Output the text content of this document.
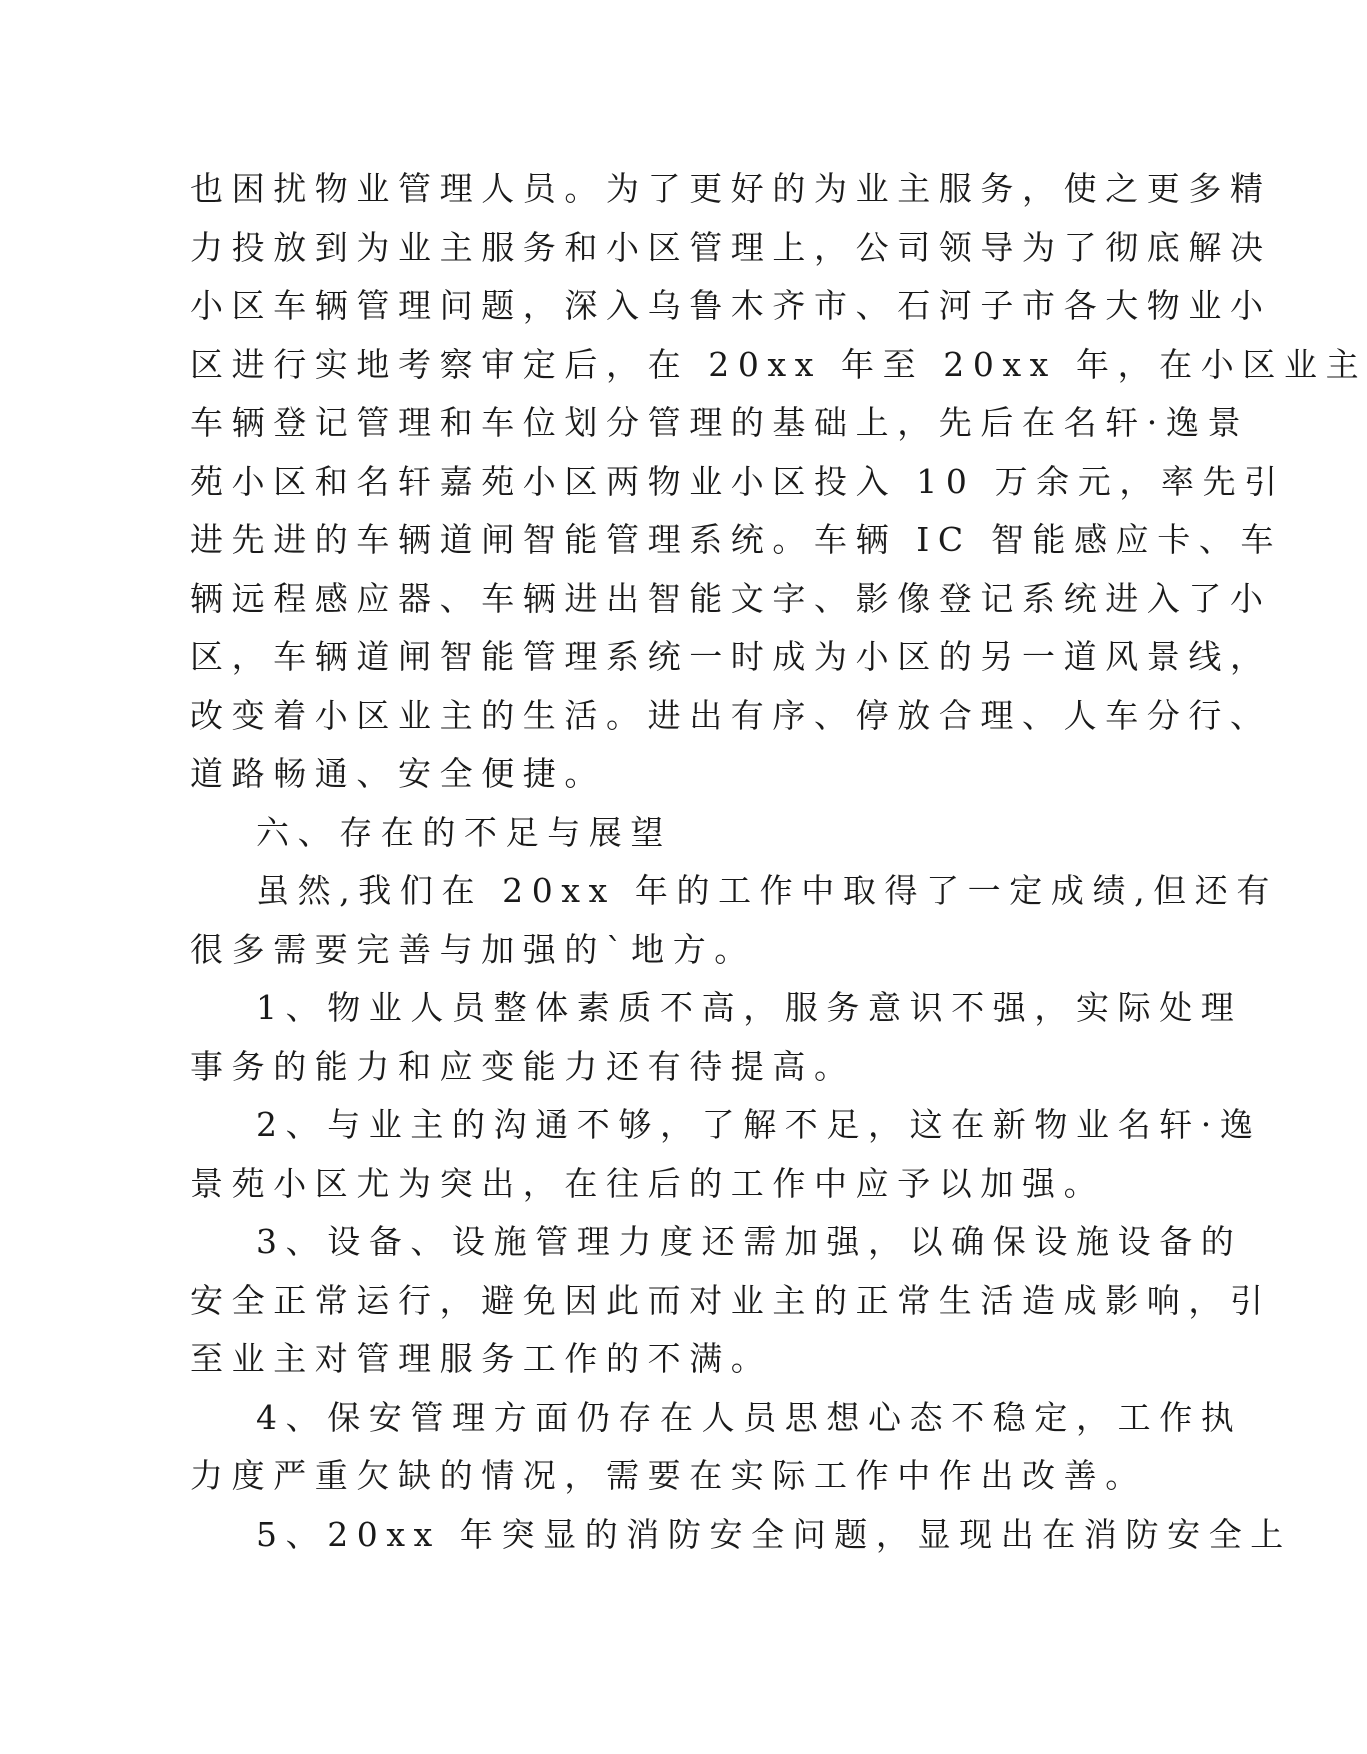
也困扰物业管理人员。为了更好的为业主服务，使之更多精
力投放到为业主服务和小区管理上，公司领导为了彻底解决
小区车辆管理问题，深入乌鲁木齐市、石河子市各大物业小
区进行实地考察审定后，在 20xx 年至 20xx 年，在小区业主
车辆登记管理和车位划分管理的基础上，先后在名轩·逸景
苑小区和名轩嘉苑小区两物业小区投入 10 万余元，率先引
进先进的车辆道闸智能管理系统。车辆 IC 智能感应卡、车
辆远程感应器、车辆进出智能文字、影像登记系统进入了小
区，车辆道闸智能管理系统一时成为小区的另一道风景线，
改变着小区业主的生活。进出有序、停放合理、人车分行、
道路畅通、安全便捷。
六、存在的不足与展望
虽然,我们在 20xx 年的工作中取得了一定成绩,但还有
很多需要完善与加强的`地方。
1、物业人员整体素质不高，服务意识不强，实际处理
事务的能力和应变能力还有待提高。
2、与业主的沟通不够，了解不足，这在新物业名轩·逸
景苑小区尤为突出，在往后的工作中应予以加强。
3、设备、设施管理力度还需加强，以确保设施设备的
安全正常运行，避免因此而对业主的正常生活造成影响，引
至业主对管理服务工作的不满。
4、保安管理方面仍存在人员思想心态不稳定，工作执
力度严重欠缺的情况，需要在实际工作中作出改善。
5、20xx 年突显的消防安全问题，显现出在消防安全上
